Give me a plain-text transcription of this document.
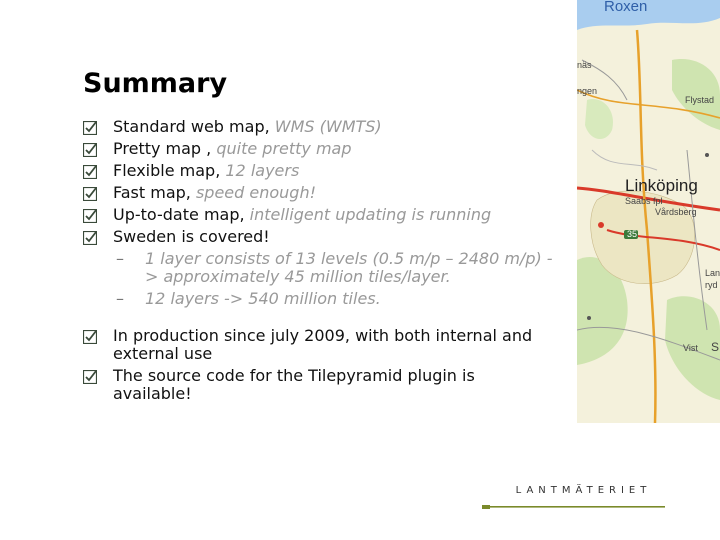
Roxen
näs
ngen
Flystad
Linköping
Saabs fpl
Vårdsberg
35
Lan
ryd
Vist S
Summary
Standard web map, WMS (WMTS)
Pretty map , quite pretty map
Flexible map, 12 layers
Fast map, speed enough!
Up-to-date map, intelligent updating is running
Sweden is covered!
– 1 layer consists of 13 levels (0.5 m/p – 2480 m/p) -> approximately 45 million tiles/layer.
– 12 layers -> 540 million tiles.
In production since july 2009, with both internal and external use
The source code for the Tilepyramid plugin is available!
LANTMÄTERIET
